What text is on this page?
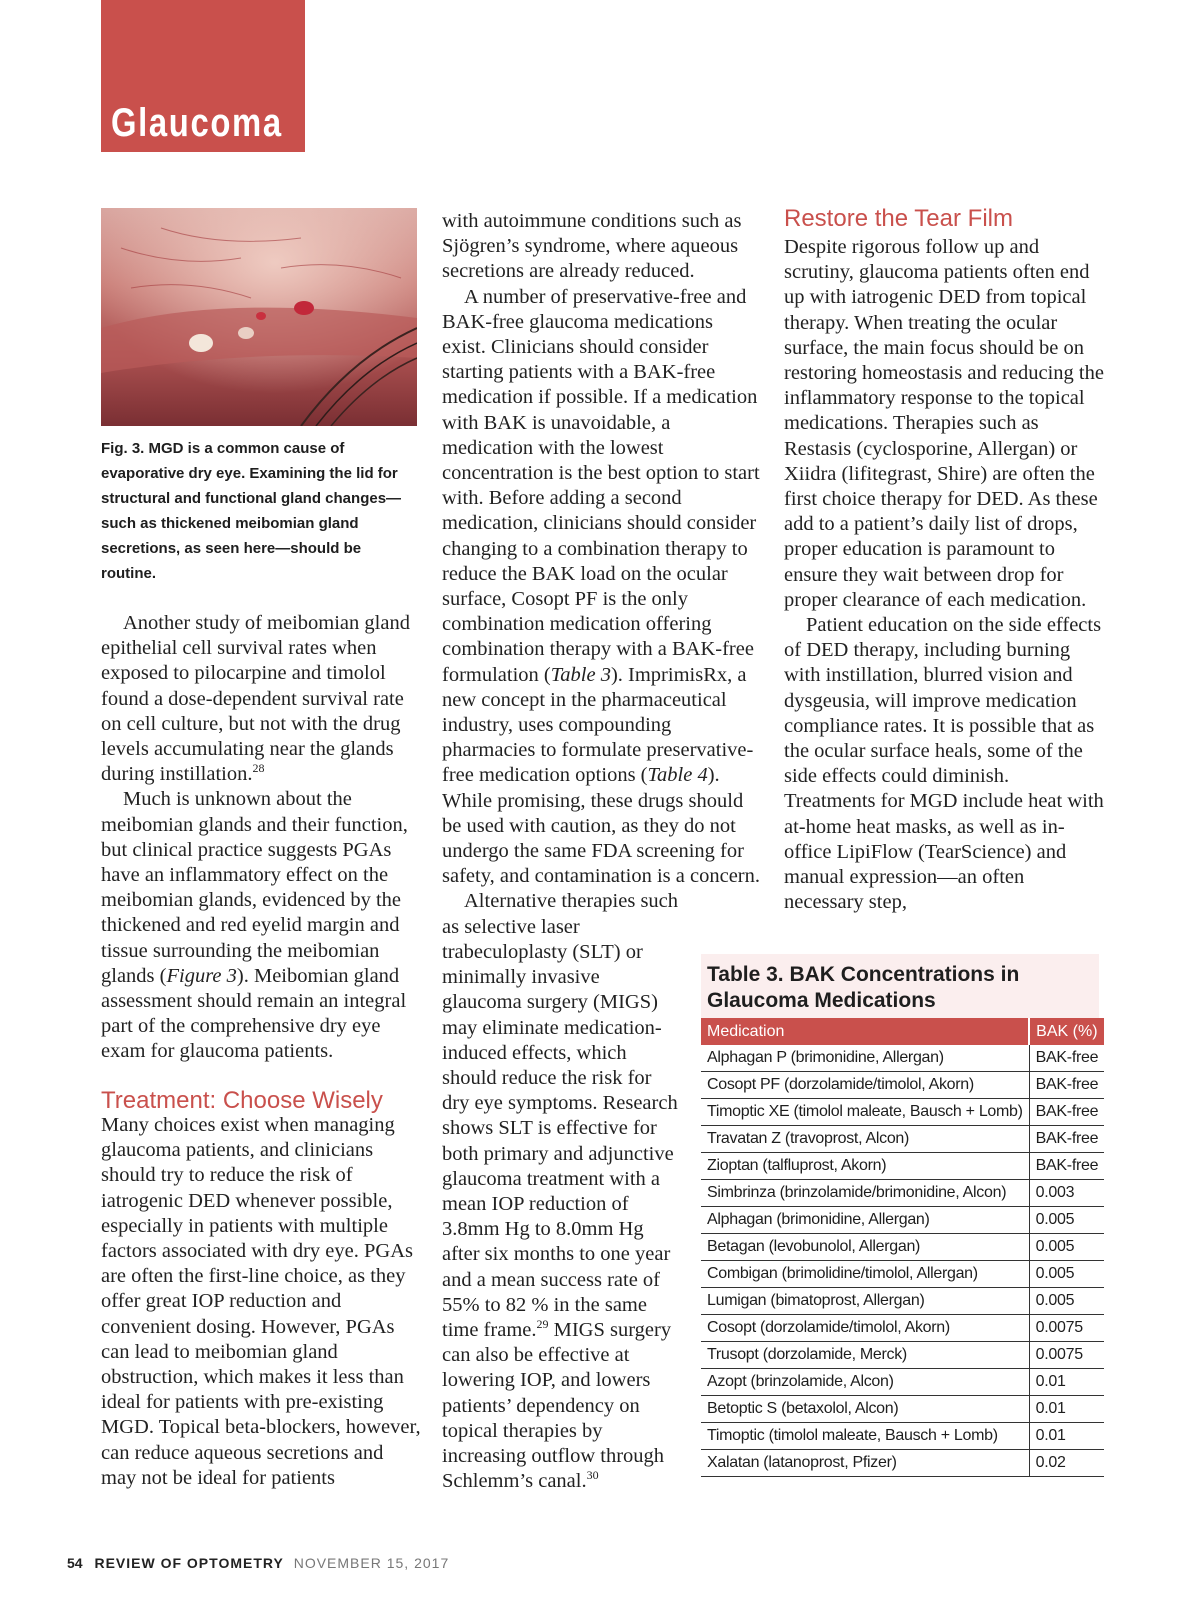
Glaucoma
Fig. 3. MGD is a common cause of evaporative dry eye. Examining the lid for structural and functional gland changes—such as thickened meibomian gland secretions, as seen here—should be routine.

Another study of meibomian gland epithelial cell survival rates when exposed to pilocarpine and timolol found a dose-dependent survival rate on cell culture, but not with the drug levels accumulating near the glands during instillation.$^{28}$

Much is unknown about the meibomian glands and their function, but clinical practice suggests PGAs have an inflammatory effect on the meibomian glands, evidenced by the thickened and red eyelid margin and tissue surrounding the meibomian glands (Figure 3). Meibomian gland assessment should remain an integral part of the comprehensive dry eye exam for glaucoma patients.

Treatment: Choose Wisely

Many choices exist when managing glaucoma patients, and clinicians should try to reduce the risk of iatrogenic DED whenever possible, especially in patients with multiple factors associated with dry eye. PGAs are often the first-line choice, as they offer great IOP reduction and convenient dosing. However, PGAs can lead to meibomian gland obstruction, which makes it less than ideal for patients with pre-existing MGD. Topical beta-blockers, however, can reduce aqueous secretions and may not be ideal for patients

with autoimmune conditions such as Sjögren’s syndrome, where aqueous secretions are already reduced.

A number of preservative-free and BAK-free glaucoma medications exist. Clinicians should consider starting patients with a BAK-free medication if possible. If a medication with BAK is unavoidable, a medication with the lowest concentration is the best option to start with. Before adding a second medication, clinicians should consider changing to a combination therapy to reduce the BAK load on the ocular surface, Cosopt PF is the only combination medication offering combination therapy with a BAK-free formulation (Table 3). ImprimisRx, a new concept in the pharmaceutical industry, uses compounding pharmacies to formulate preservative-free medication options (Table 4). While promising, these drugs should be used with caution, as they do not undergo the same FDA screening for safety, and contamination is a concern.

Alternative therapies such as selective laser trabeculoplasty (SLT) or minimally invasive glaucoma surgery (MIGS) may eliminate medication-induced effects, which should reduce the risk for dry eye symptoms. Research shows SLT is effective for both primary and adjunctive glaucoma treatment with a mean IOP reduction of 3.8mm Hg to 8.0mm Hg after six months to one year and a mean success rate of 55% to 82 % in the same time frame.$^{29}$ MIGS surgery can also be effective at lowering IOP, and lowers patients’ dependency on topical therapies by increasing outflow through Schlemm’s canal.$^{30}$

Restore the Tear Film

Despite rigorous follow up and scrutiny, glaucoma patients often end up with iatrogenic DED from topical therapy. When treating the ocular surface, the main focus should be on restoring homeostasis and reducing the inflammatory response to the topical medications. Therapies such as Restasis (cyclosporine, Allergan) or Xiidra (lifitegrast, Shire) are often the first choice therapy for DED. As these add to a patient’s daily list of drops, proper education is paramount to ensure they wait between drop for proper clearance of each medication.

Patient education on the side effects of DED therapy, including burning with instillation, blurred vision and dysgeusia, will improve medication compliance rates. It is possible that as the ocular surface heals, some of the side effects could diminish. Treatments for MGD include heat with at-home heat masks, as well as in-office LipiFlow (TearScience) and manual expression—an often necessary step,

Table 3. BAK Concentrations in Glaucoma Medications
Medication	BAK (%)
Alphagan P (brimonidine, Allergan)	BAK-free
Cosopt PF (dorzolamide/timolol, Akorn)	BAK-free
Timoptic XE (timolol maleate, Bausch + Lomb)	BAK-free
Travatan Z (travoprost, Alcon)	BAK-free
Zioptan (talfluprost, Akorn)	BAK-free
Simbrinza (brinzolamide/brimonidine, Alcon)	0.003
Alphagan (brimonidine, Allergan)	0.005
Betagan (levobunolol, Allergan)	0.005
Combigan (brimolidine/timolol, Allergan)	0.005
Lumigan (bimatoprost, Allergan)	0.005
Cosopt (dorzolamide/timolol, Akorn)	0.0075
Trusopt (dorzolamide, Merck)	0.0075
Azopt (brinzolamide, Alcon)	0.01
Betoptic S (betaxolol, Alcon)	0.01
Timoptic (timolol maleate, Bausch + Lomb)	0.01
Xalatan (latanoprost, Pfizer)	0.02
54 REVIEW OF OPTOMETRY NOVEMBER 15, 2017
